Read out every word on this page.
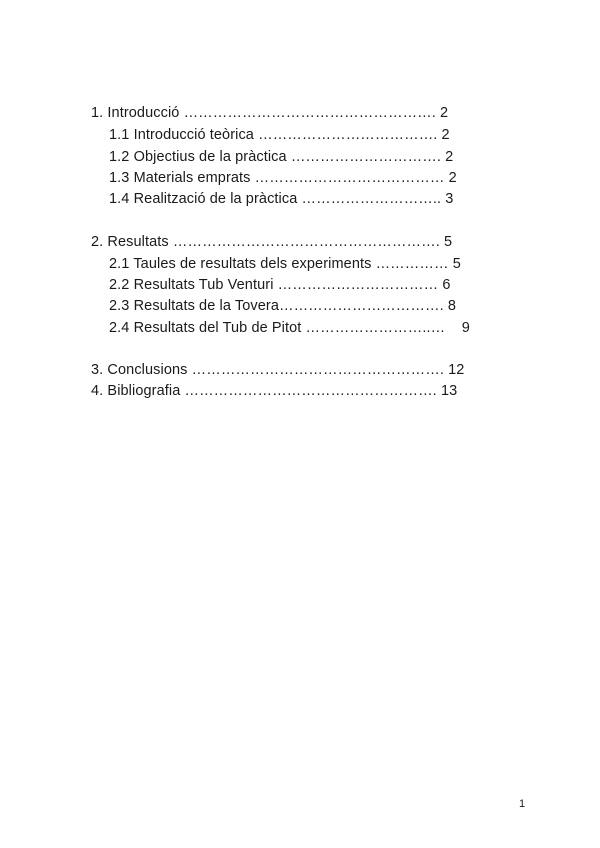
1. Introducció ……………………………………………. 2
1.1 Introducció teòrica ………………………………. 2
1.2 Objectius de la pràctica …………………………. 2
1.3 Materials emprats ………………………………… 2
1.4 Realització de la pràctica ……………………….. 3
2. Resultats ………………………………………………. 5
2.1 Taules de resultats dels experiments …………… 5
2.2 Resultats Tub Venturi …………………………… 6
2.3 Resultats de la Tovera……………………………. 8
2.4 Resultats del Tub de Pitot ……………………..…    9
3. Conclusions ……………………………………………. 12
4. Bibliografia ……………………………………………. 13
1
